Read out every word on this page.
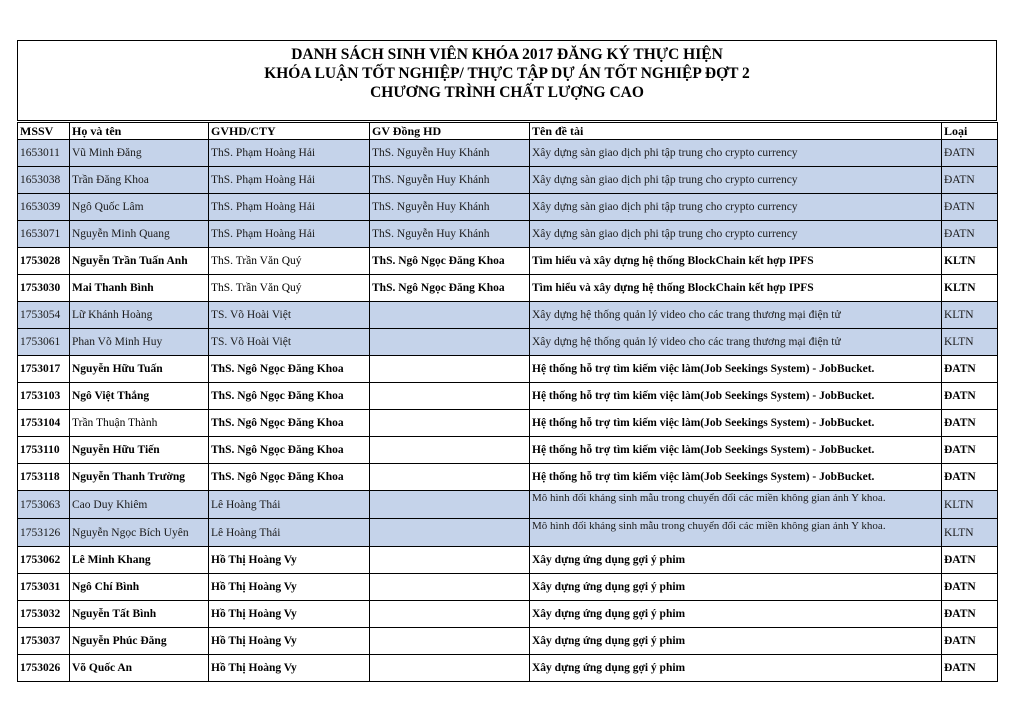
DANH SÁCH SINH VIÊN KHÓA 2017 ĐĂNG KÝ THỰC HIỆN
KHÓA LUẬN TỐT NGHIỆP/ THỰC TẬP DỰ ÁN TỐT NGHIỆP ĐỢT 2
CHƯƠNG TRÌNH CHẤT LƯỢNG CAO
MSSV	Họ và tên	GVHD/CTY	GV Đồng HD	Tên đề tài	Loại
1653011	Vũ Minh Đăng	ThS. Phạm Hoàng Hải	ThS. Nguyễn Huy Khánh	Xây dựng sàn giao dịch phi tập trung cho crypto currency	ĐATN
1653038	Trần Đăng Khoa	ThS. Phạm Hoàng Hải	ThS. Nguyễn Huy Khánh	Xây dựng sàn giao dịch phi tập trung cho crypto currency	ĐATN
1653039	Ngô Quốc Lâm	ThS. Phạm Hoàng Hải	ThS. Nguyễn Huy Khánh	Xây dựng sàn giao dịch phi tập trung cho crypto currency	ĐATN
1653071	Nguyễn Minh Quang	ThS. Phạm Hoàng Hải	ThS. Nguyễn Huy Khánh	Xây dựng sàn giao dịch phi tập trung cho crypto currency	ĐATN
1753028	Nguyễn Trần Tuấn Anh	ThS. Trần Văn Quý	ThS. Ngô Ngọc Đăng Khoa	Tìm hiểu và xây dựng hệ thống BlockChain kết hợp IPFS	KLTN
1753030	Mai Thanh Bình	ThS. Trần Văn Quý	ThS. Ngô Ngọc Đăng Khoa	Tìm hiểu và xây dựng hệ thống BlockChain kết hợp IPFS	KLTN
1753054	Lữ Khánh Hoàng	TS. Võ Hoài Việt		Xây dựng hệ thống quản lý video cho các trang thương mại điện tử	KLTN
1753061	Phan Võ Minh Huy	TS. Võ Hoài Việt		Xây dựng hệ thống quản lý video cho các trang thương mại điện tử	KLTN
1753017	Nguyễn Hữu Tuấn	ThS. Ngô Ngọc Đăng Khoa		Hệ thống hỗ trợ tìm kiếm việc làm(Job Seekings System) - JobBucket.	ĐATN
1753103	Ngô Việt Thắng	ThS. Ngô Ngọc Đăng Khoa		Hệ thống hỗ trợ tìm kiếm việc làm(Job Seekings System) - JobBucket.	ĐATN
1753104	Trần Thuận Thành	ThS. Ngô Ngọc Đăng Khoa		Hệ thống hỗ trợ tìm kiếm việc làm(Job Seekings System) - JobBucket.	ĐATN
1753110	Nguyễn Hữu Tiến	ThS. Ngô Ngọc Đăng Khoa		Hệ thống hỗ trợ tìm kiếm việc làm(Job Seekings System) - JobBucket.	ĐATN
1753118	Nguyễn Thanh Trường	ThS. Ngô Ngọc Đăng Khoa		Hệ thống hỗ trợ tìm kiếm việc làm(Job Seekings System) - JobBucket.	ĐATN
1753063	Cao Duy Khiêm	Lê Hoàng Thái		Mô hình đối kháng sinh mẫu trong chuyển đổi các miền không gian ảnh Y khoa.	KLTN
1753126	Nguyễn Ngọc Bích Uyên	Lê Hoàng Thái		Mô hình đối kháng sinh mẫu trong chuyển đổi các miền không gian ảnh Y khoa.	KLTN
1753062	Lê Minh Khang	Hồ Thị Hoàng Vy		Xây dựng ứng dụng gợi ý phim	ĐATN
1753031	Ngô Chí Bình	Hồ Thị Hoàng Vy		Xây dựng ứng dụng gợi ý phim	ĐATN
1753032	Nguyễn Tất Bình	Hồ Thị Hoàng Vy		Xây dựng ứng dụng gợi ý phim	ĐATN
1753037	Nguyễn Phúc Đăng	Hồ Thị Hoàng Vy		Xây dựng ứng dụng gợi ý phim	ĐATN
1753026	Võ Quốc An	Hồ Thị Hoàng Vy		Xây dựng ứng dụng gợi ý phim	ĐATN
